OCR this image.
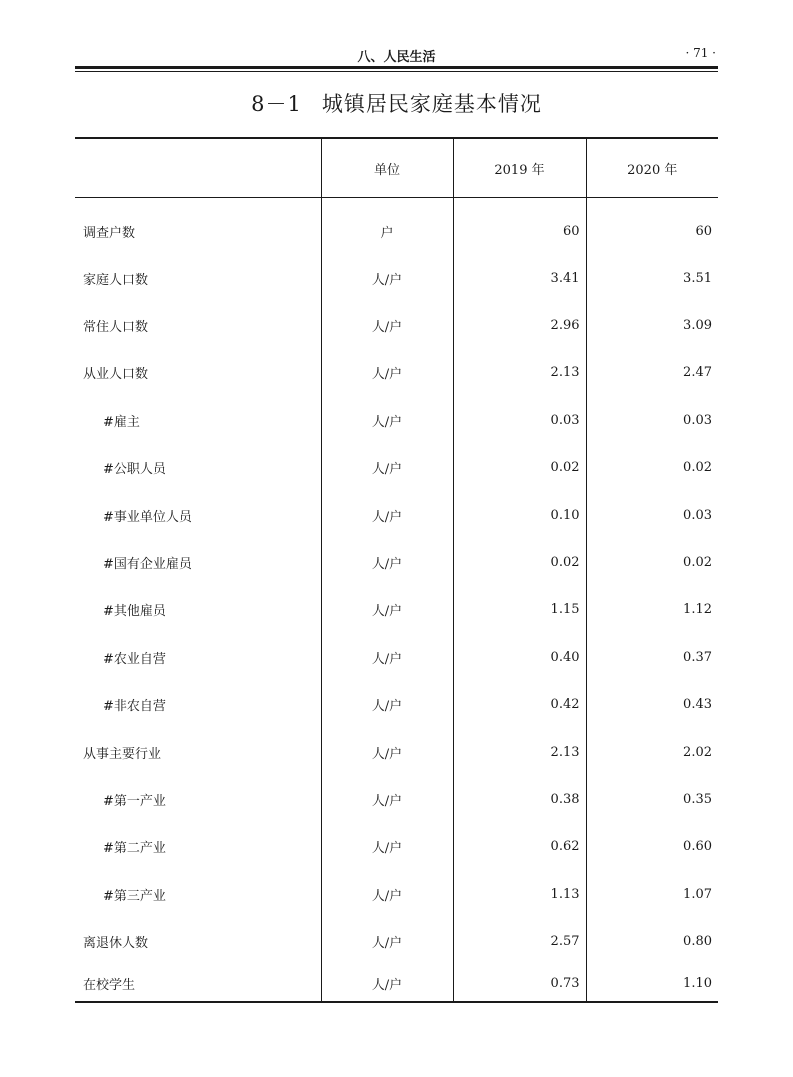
八、人民生活	· 71 ·
8－1 城镇居民家庭基本情况
	单位	2019 年	2020 年
调查户数	户	60	60
家庭人口数	人/户	3.41	3.51
常住人口数	人/户	2.96	3.09
从业人口数	人/户	2.13	2.47
#雇主	人/户	0.03	0.03
#公职人员	人/户	0.02	0.02
#事业单位人员	人/户	0.10	0.03
#国有企业雇员	人/户	0.02	0.02
#其他雇员	人/户	1.15	1.12
#农业自营	人/户	0.40	0.37
#非农自营	人/户	0.42	0.43
从事主要行业	人/户	2.13	2.02
#第一产业	人/户	0.38	0.35
#第二产业	人/户	0.62	0.60
#第三产业	人/户	1.13	1.07
离退休人数	人/户	2.57	0.80
在校学生	人/户	0.73	1.10
